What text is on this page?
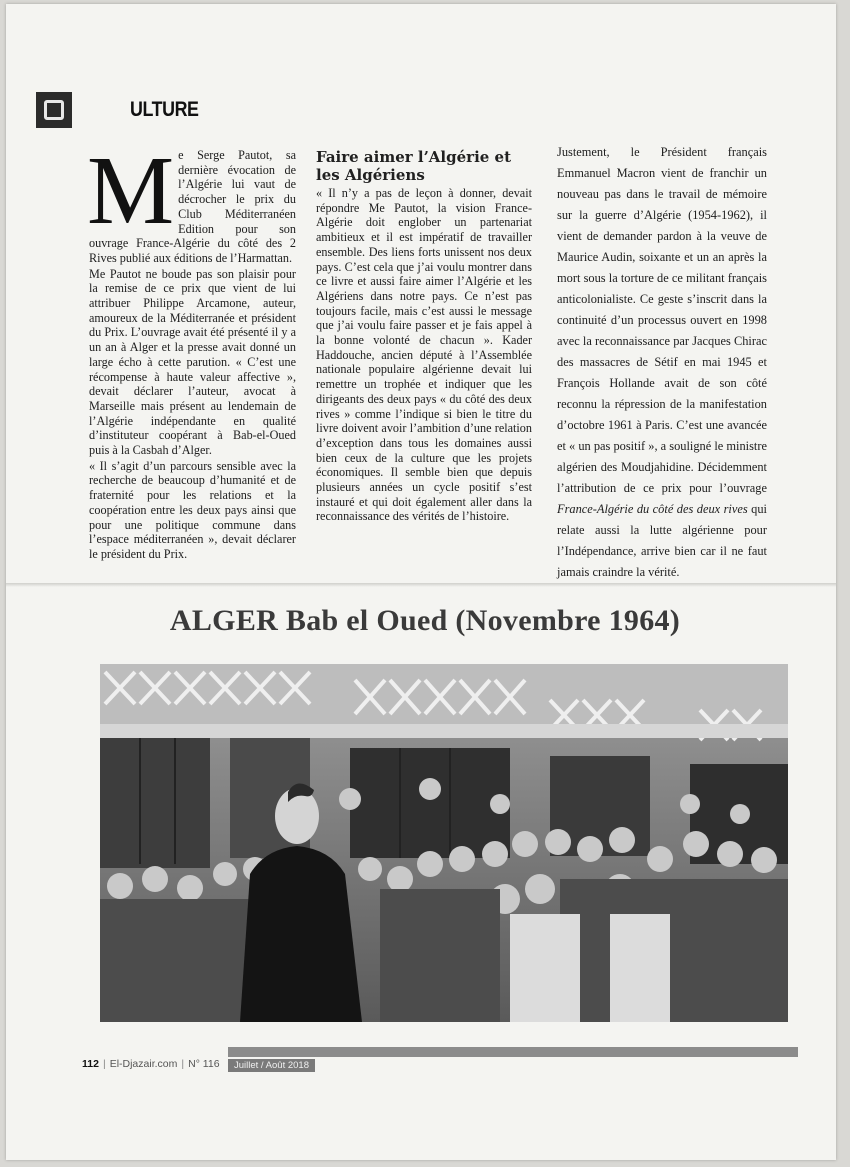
ULTURE

Me Serge Pautot, sa dernière évocation de l’Algérie lui vaut de décrocher le prix du Club Méditerranéen Edition pour son ouvrage France-Algérie du côté des 2 Rives publié aux éditions de l’Harmattan.

Me Pautot ne boude pas son plaisir pour la remise de ce prix que vient de lui attribuer Philippe Arcamone, auteur, amoureux de la Méditerranée et président du Prix. L’ouvrage avait été présenté il y a un an à Alger et la presse avait donné un large écho à cette parution. « C’est une récompense à haute valeur affective », devait déclarer l’auteur, avocat à Marseille mais présent au lendemain de l’Algérie indépendante en qualité d’instituteur coopérant à Bab-el-Oued puis à la Casbah d’Alger.

« Il s’agit d’un parcours sensible avec la recherche de beaucoup d’humanité et de fraternité pour les relations et la coopération entre les deux pays ainsi que pour une politique commune dans l’espace méditerranéen », devait déclarer le président du Prix.

Faire aimer l’Algérie et les Algériens

« Il n’y a pas de leçon à donner, devait répondre Me Pautot, la vision France-Algérie doit englober un partenariat ambitieux et il est impératif de travailler ensemble. Des liens forts unissent nos deux pays. C’est cela que j’ai voulu montrer dans ce livre et aussi faire aimer l’Algérie et les Algériens dans notre pays. Ce n’est pas toujours facile, mais c’est aussi le message que j’ai voulu faire passer et je fais appel à la bonne volonté de chacun ». Kader Haddouche, ancien député à l’Assemblée nationale populaire algérienne devait lui remettre un trophée et indiquer que les dirigeants des deux pays « du côté des deux rives » comme l’indique si bien le titre du livre doivent avoir l’ambition d’une relation d’exception dans tous les domaines aussi bien ceux de la culture que les projets économiques. Il semble bien que depuis plusieurs années un cycle positif s’est instauré et qui doit également aller dans la reconnaissance des vérités de l’histoire.

Justement, le Président français Emmanuel Macron vient de franchir un nouveau pas dans le travail de mémoire sur la guerre d’Algérie (1954-1962), il vient de demander pardon à la veuve de Maurice Audin, soixante et un an après la mort sous la torture de ce militant français anticolonialiste. Ce geste s’inscrit dans la continuité d’un processus ouvert en 1998 avec la reconnaissance par Jacques Chirac des massacres de Sétif en mai 1945 et François Hollande avait de son côté reconnu la répression de la manifestation d’octobre 1961 à Paris. C’est une avancée et « un pas positif », a souligné le ministre algérien des Moudjahidine. Décidemment l’attribution de ce prix pour l’ouvrage France-Algérie du côté des deux rives qui relate aussi la lutte algérienne pour l’Indépendance, arrive bien car il ne faut jamais craindre la vérité.

ALGER Bab el Oued (Novembre 1964)
112 | El-Djazair.com | N° 116	Juillet / Août 2018
